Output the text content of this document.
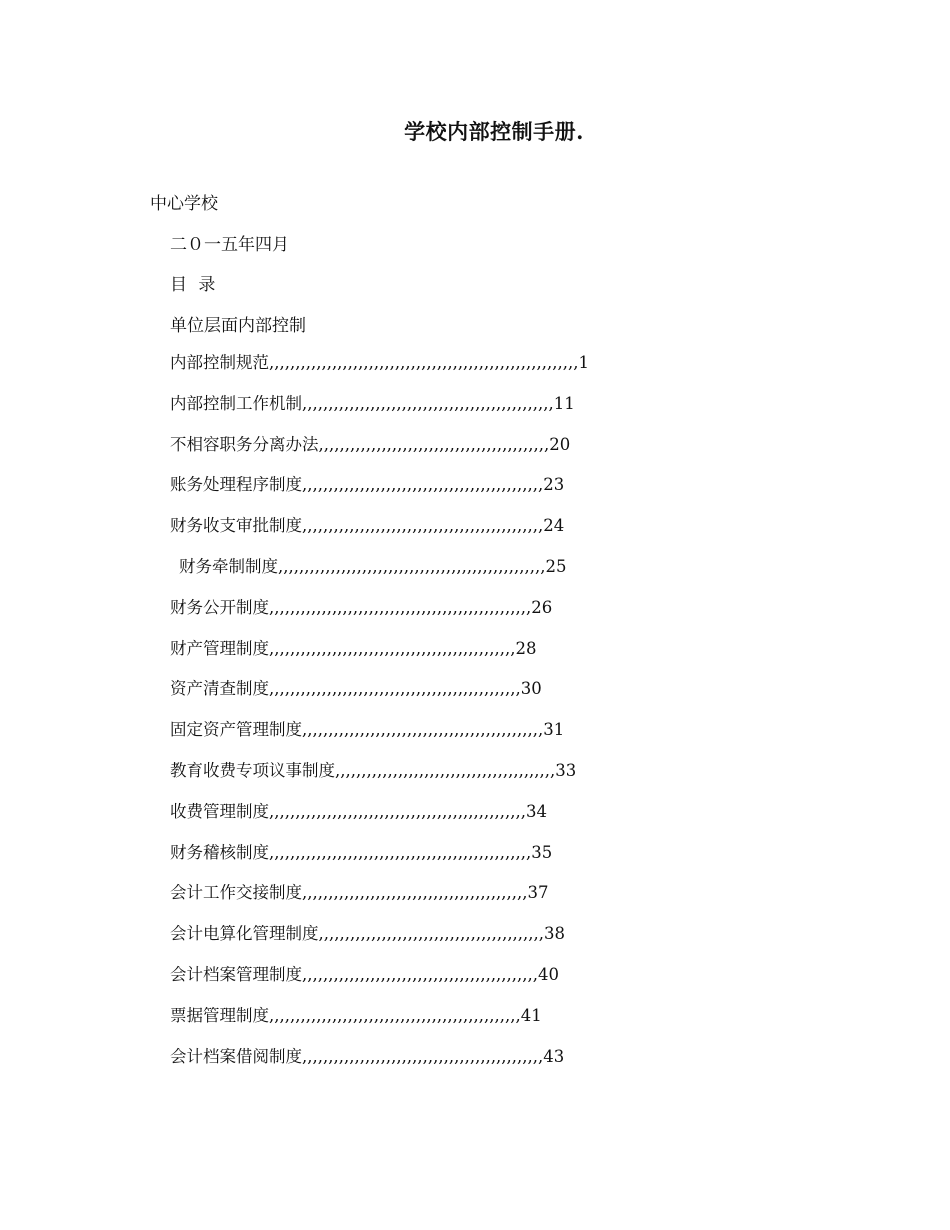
学校内部控制手册.

中心学校

二０一五年四月

目 录

单位层面内部控制

内部控制规范,,,,,,,,,,,,,,,,,,,,,,,,,,,,,,,,,,,,,,,,,,,,,,,,,,,,,,,,,,,1
内部控制工作机制,,,,,,,,,,,,,,,,,,,,,,,,,,,,,,,,,,,,,,,,,,,,,,,,11
不相容职务分离办法,,,,,,,,,,,,,,,,,,,,,,,,,,,,,,,,,,,,,,,,,,,,20
账务处理程序制度,,,,,,,,,,,,,,,,,,,,,,,,,,,,,,,,,,,,,,,,,,,,,,23
财务收支审批制度,,,,,,,,,,,,,,,,,,,,,,,,,,,,,,,,,,,,,,,,,,,,,,24
财务牵制制度,,,,,,,,,,,,,,,,,,,,,,,,,,,,,,,,,,,,,,,,,,,,,,,,,,,25
财务公开制度,,,,,,,,,,,,,,,,,,,,,,,,,,,,,,,,,,,,,,,,,,,,,,,,,,26
财产管理制度,,,,,,,,,,,,,,,,,,,,,,,,,,,,,,,,,,,,,,,,,,,,,,,28
资产清查制度,,,,,,,,,,,,,,,,,,,,,,,,,,,,,,,,,,,,,,,,,,,,,,,,30
固定资产管理制度,,,,,,,,,,,,,,,,,,,,,,,,,,,,,,,,,,,,,,,,,,,,,,31
教育收费专项议事制度,,,,,,,,,,,,,,,,,,,,,,,,,,,,,,,,,,,,,,,,,,33
收费管理制度,,,,,,,,,,,,,,,,,,,,,,,,,,,,,,,,,,,,,,,,,,,,,,,,,34
财务稽核制度,,,,,,,,,,,,,,,,,,,,,,,,,,,,,,,,,,,,,,,,,,,,,,,,,,35
会计工作交接制度,,,,,,,,,,,,,,,,,,,,,,,,,,,,,,,,,,,,,,,,,,,37
会计电算化管理制度,,,,,,,,,,,,,,,,,,,,,,,,,,,,,,,,,,,,,,,,,,,38
会计档案管理制度,,,,,,,,,,,,,,,,,,,,,,,,,,,,,,,,,,,,,,,,,,,,,40
票据管理制度,,,,,,,,,,,,,,,,,,,,,,,,,,,,,,,,,,,,,,,,,,,,,,,,41
会计档案借阅制度,,,,,,,,,,,,,,,,,,,,,,,,,,,,,,,,,,,,,,,,,,,,,,43
